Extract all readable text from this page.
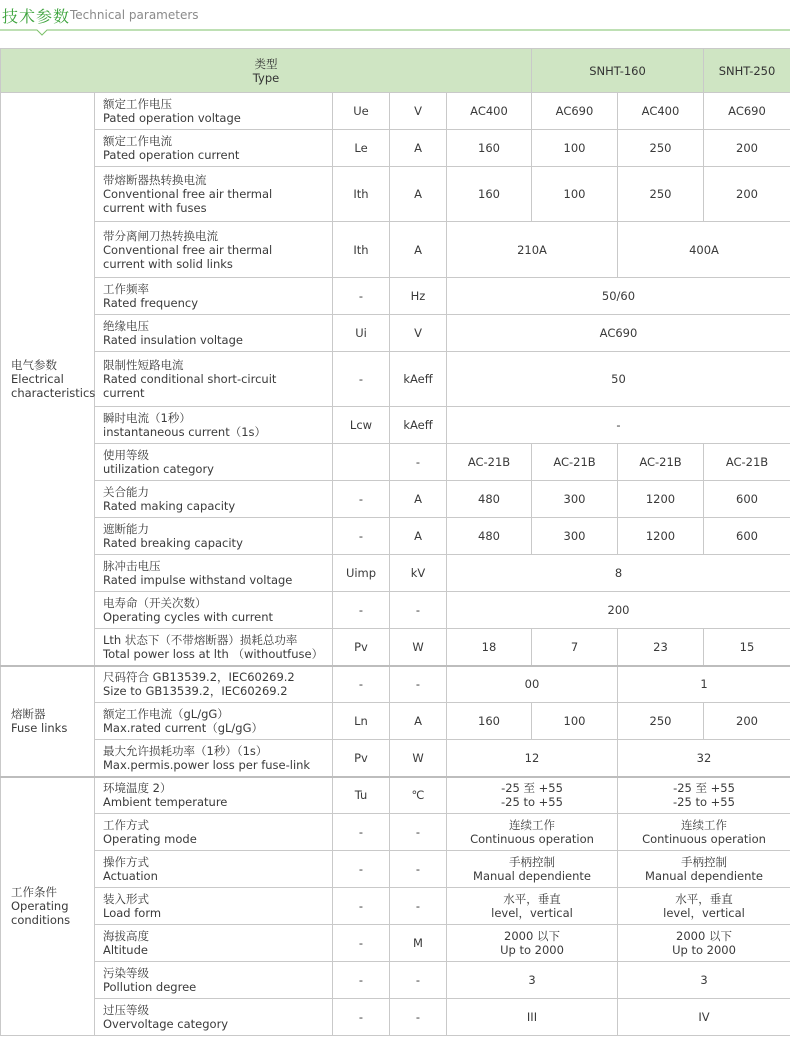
技术参数 Technical parameters
类型
Type					SNHT-160		SNHT-250

电气参数
Electrical
characteristics	额定工作电压
Pated operation voltage	Ue	V	AC400	AC690	AC400	AC690

	额定工作电流
Pated operation current	Le	A	160	100	250	200

	带熔断器热转换电流
Conventional free air thermal
current with fuses	Ith	A	160	100	250	200

	带分离闸刀热转换电流
Conventional free air thermal
current with solid links	Ith	A	210A		400A	

	工作频率
Rated frequency	-	Hz	50/60			

	绝缘电压
Rated insulation voltage	Ui	V	AC690			

	限制性短路电流
Rated conditional short-circuit
current	-	kAeff	50			

	瞬时电流（1秒）
instantaneous current（1s）	Lcw	kAeff	-			

	使用等级
utilization category		-	AC-21B	AC-21B	AC-21B	AC-21B

	关合能力
Rated making capacity	-	A	480	300	1200	600

	遮断能力
Rated breaking capacity	-	A	480	300	1200	600

	脉冲击电压
Rated impulse withstand voltage	Uimp	kV	8			

	电寿命（开关次数）
Operating cycles with current	-	-	200			

	Lth 状态下（不带熔断器）损耗总功率
Total power loss at lth （withoutfuse）	Pv	W	18	7	23	15

熔断器
Fuse links	尺码符合 GB13539.2，IEC60269.2
Size to GB13539.2，IEC60269.2	-	-	00		1	

	额定工作电流（gL/gG）
Max.rated current（gL/gG）	Ln	A	160	100	250	200

	最大允许损耗功率（1秒）（1s）
Max.permis.power loss per fuse-link	Pv	W	12		32	

工作条件
Operating
conditions	环境温度 2）
Ambient temperature	Tu	℃	-25 至 +55
-25 to +55		-25 至 +55
-25 to +55	

	工作方式
Operating mode	-	-	连续工作
Continuous operation		连续工作
Continuous operation	

	操作方式
Actuation	-	-	手柄控制
Manual dependiente		手柄控制
Manual dependiente	

	装入形式
Load form	-	-	水平，垂直
level，vertical		水平，垂直
level，vertical	

	海拔高度
Altitude	-	M	2000 以下
Up to 2000		2000 以下
Up to 2000	

	污染等级
Pollution degree	-	-	3		3	

	过压等级
Overvoltage category	-	-	III		IV	
